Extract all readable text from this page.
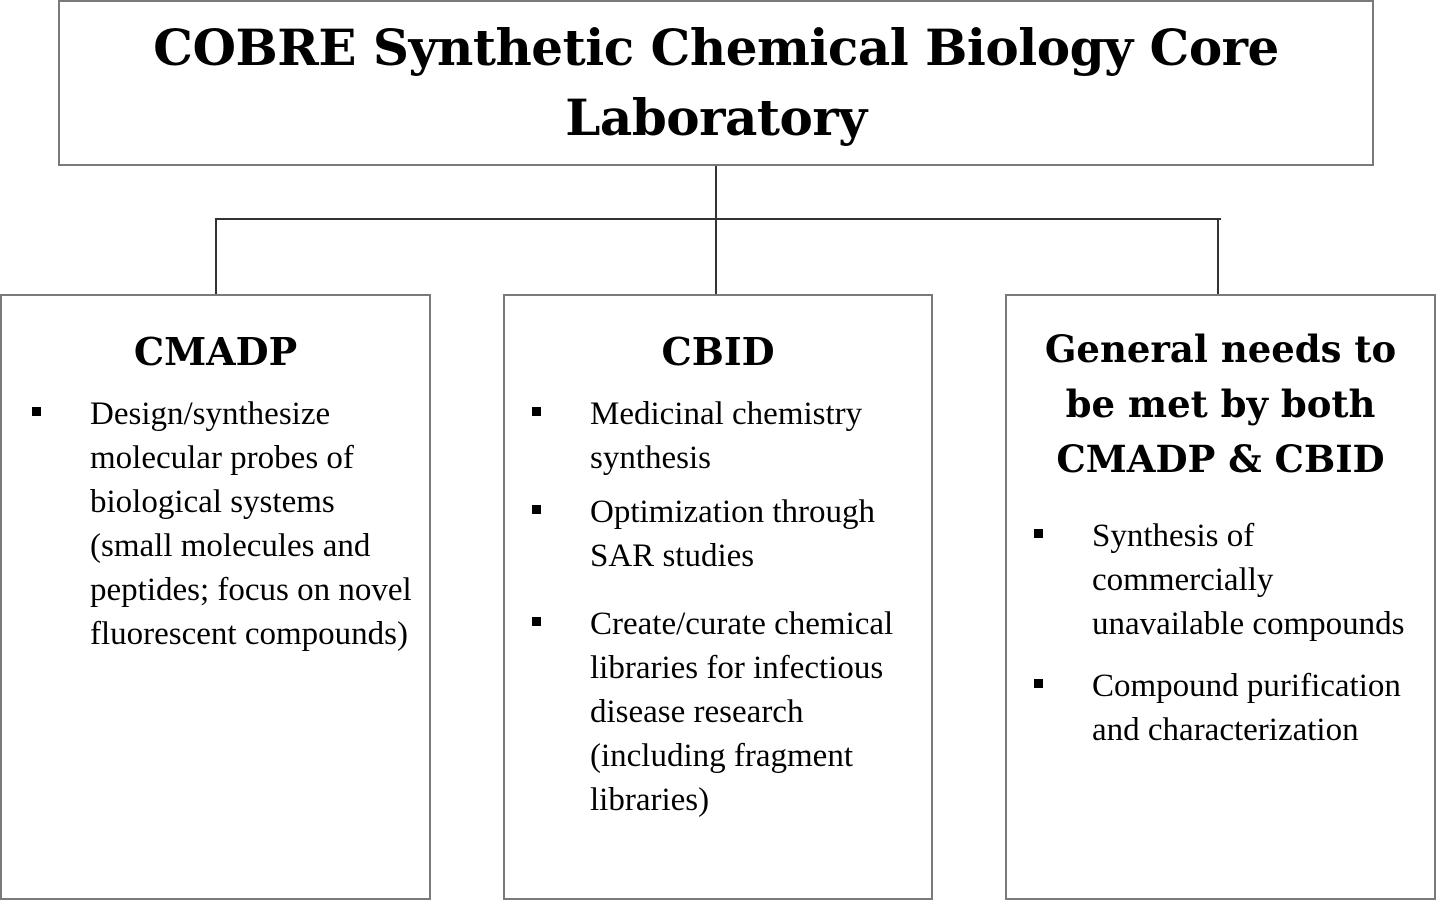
COBRE Synthetic Chemical Biology Core
Laboratory

CMADP

Design/synthesize molecular probes of biological systems (small molecules and peptides; focus on novel fluorescent compounds)

CBID

Medicinal chemistry synthesis
Optimization through SAR studies
Create/curate chemical libraries for infectious disease research (including fragment libraries)

General needs to be met by both CMADP & CBID

Synthesis of commercially unavailable compounds
Compound purification and characterization
